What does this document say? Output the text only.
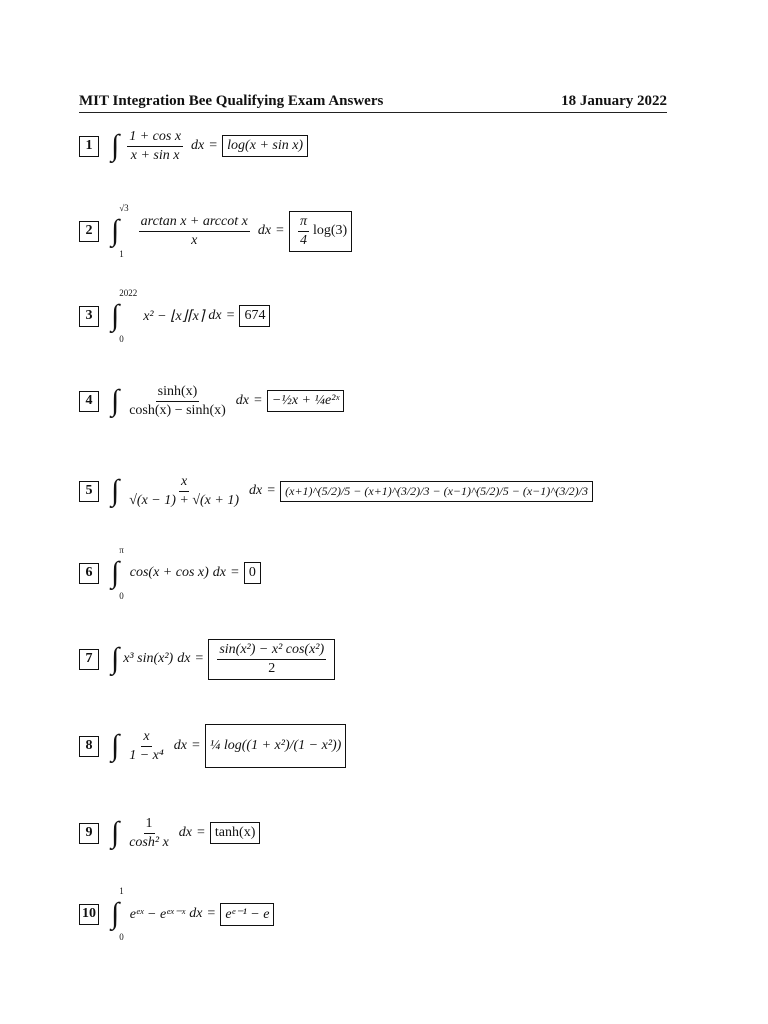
MIT Integration Bee Qualifying Exam Answers	18 January 2022
1 ∫ $\frac{\text{1 + cos x}}{\text{x + sin x}}$ dx = log(x + sin x)
2 ∫
√3
1
$\frac{\text{arctan x + arccot x}}{x}$ dx = $\frac{\pi}{4} \log(3)$
3 ∫
2022
0
x² − ⌊x⌋⌈x⌉ dx = 674
4 ∫ $\frac{\sinh(x)}{\cosh(x) - \sinh(x)}$ dx = −½x + ¼e²ˣ
5 ∫ $\frac{x}{√(x - 1) + √(x + 1)}$ dx = (x+1)^(5/2)/5 − (x+1)^(3/2)/3 − (x−1)^(5/2)/5 − (x−1)^(3/2)/3
6 ∫
π
0
cos(x + cos x) dx = 0
7 ∫ x³ sin(x²) dx = $\frac{\text{sin(x²) − x² cos(x²)}}{2}$
8 ∫ $\frac{x}{\text{1 − x⁴}}$ dx = ¼ log((1 + x²)/(1 − x²))
9 ∫ $\frac{1}{\text{cosh² x}}$ dx = tanh(x)
10 ∫
1
0
eᵉˣ − eᵉˣ⁻ˣ dx = eᵉ⁻¹ − e
